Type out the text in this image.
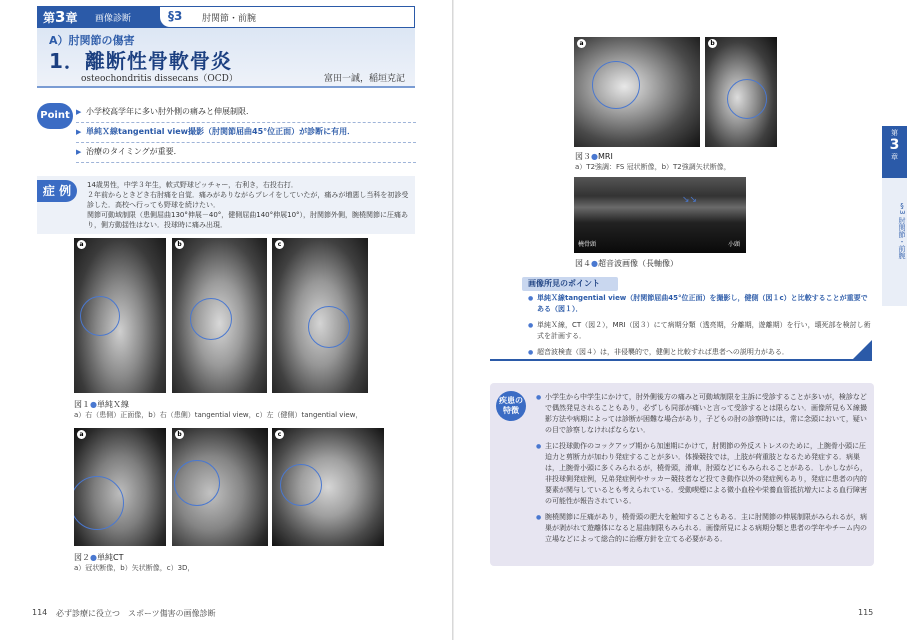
第3章 画像診断	§3 肘関節・前腕
A）肘関節の傷害
1．離断性骨軟骨炎
osteochondritis dissecans（OCD）	富田一誠，稲垣克記
Point
▶	小学校高学年に多い肘外側の痛みと伸展制限．
▶ 単純Ｘ線tangential view撮影（肘関節屈曲45°位正面）が診断に有用．
▶ 治療のタイミングが重要．
症 例	14歳男性，中学３年生，軟式野球ピッチャー，右利き，右投右打．
２年前からときどき右肘痛を自覚．痛みがありながらプレイをしていたが，痛みが増悪し当科を初診受診した．高校へ行っても野球を続けたい．
関節可動域制限（患側屈曲130°伸展－40°，健側屈曲140°伸展10°），肘関節外側，腕橈関節に圧痛あり，側方動揺性はない．投球時に痛み出現．
a	b	c
図１●単純Ｘ線
a）右（患側）正面像，b）右（患側）tangential view，c）左（健側）tangential view，
a	b	c
図２●単純CT
a）冠状断像，b）矢状断像，c）3D，
a	b
図３●MRI
a）T2強調：FS 冠状断像，b）T2強調矢状断像，
橈骨頭	小頭
↘↘
図４●超音波画像（長軸像）
画像所見のポイント
● 単純Ｘ線tangential view（肘関節屈曲45°位正面）を撮影し，健側（図１c）と比較することが重要である（図１）．
● 単純Ｘ線，CT（図２），MRI（図３）にて病期分類（透亮期，分離期，遊離期）を行い，壊死部を検討し術式を計画する．
● 超音波検査（図４）は，非侵襲的で，健側と比較すれば患者への説明力がある．
疾患の特徴
● 小学生から中学生にかけて，肘外側後方の痛みと可動域制限を主訴に受診することが多いが，検診などで偶然発見されることもあり，必ずしも同部が痛いと言って受診するとは限らない．画像所見もＸ線撮影方法や病期によっては診断が困難な場合があり，子どもの肘の診察時には，常に念頭において，疑いの目で診察しなければならない．
● 主に投球動作のコックアップ期から加速期にかけて，肘関節の外反ストレスのために，上腕骨小頭に圧迫力と剪断力が加わり発症することが多い．体操競技では，上肢が荷重肢となるため発症する．病巣は，上腕骨小頭に多くみられるが，橈骨頭，滑車，肘頭などにもみられることがある．しかしながら，非投球側発症例，兄弟発症例やサッカー競技者など投てき動作以外の発症例もあり，発症に患者の内的要素が関与しているとも考えられている．受動喫煙による微小血栓や栄養血管抵抗増大による血行障害の可能性が報告されている．
● 腕橈関節に圧痛があり，橈骨頭の肥大を触知することもある．主に肘関節の伸展制限がみられるが，病巣が剥がれて遊離体になると屈曲制限もみられる．画像所見による病期分類と患者の学年やチーム内の立場などによって総合的に治療方針を立てる必要がある．
第
3
章
§3 肘関節・前腕
114 必ず診療に役立つ　スポーツ傷害の画像診断	115
